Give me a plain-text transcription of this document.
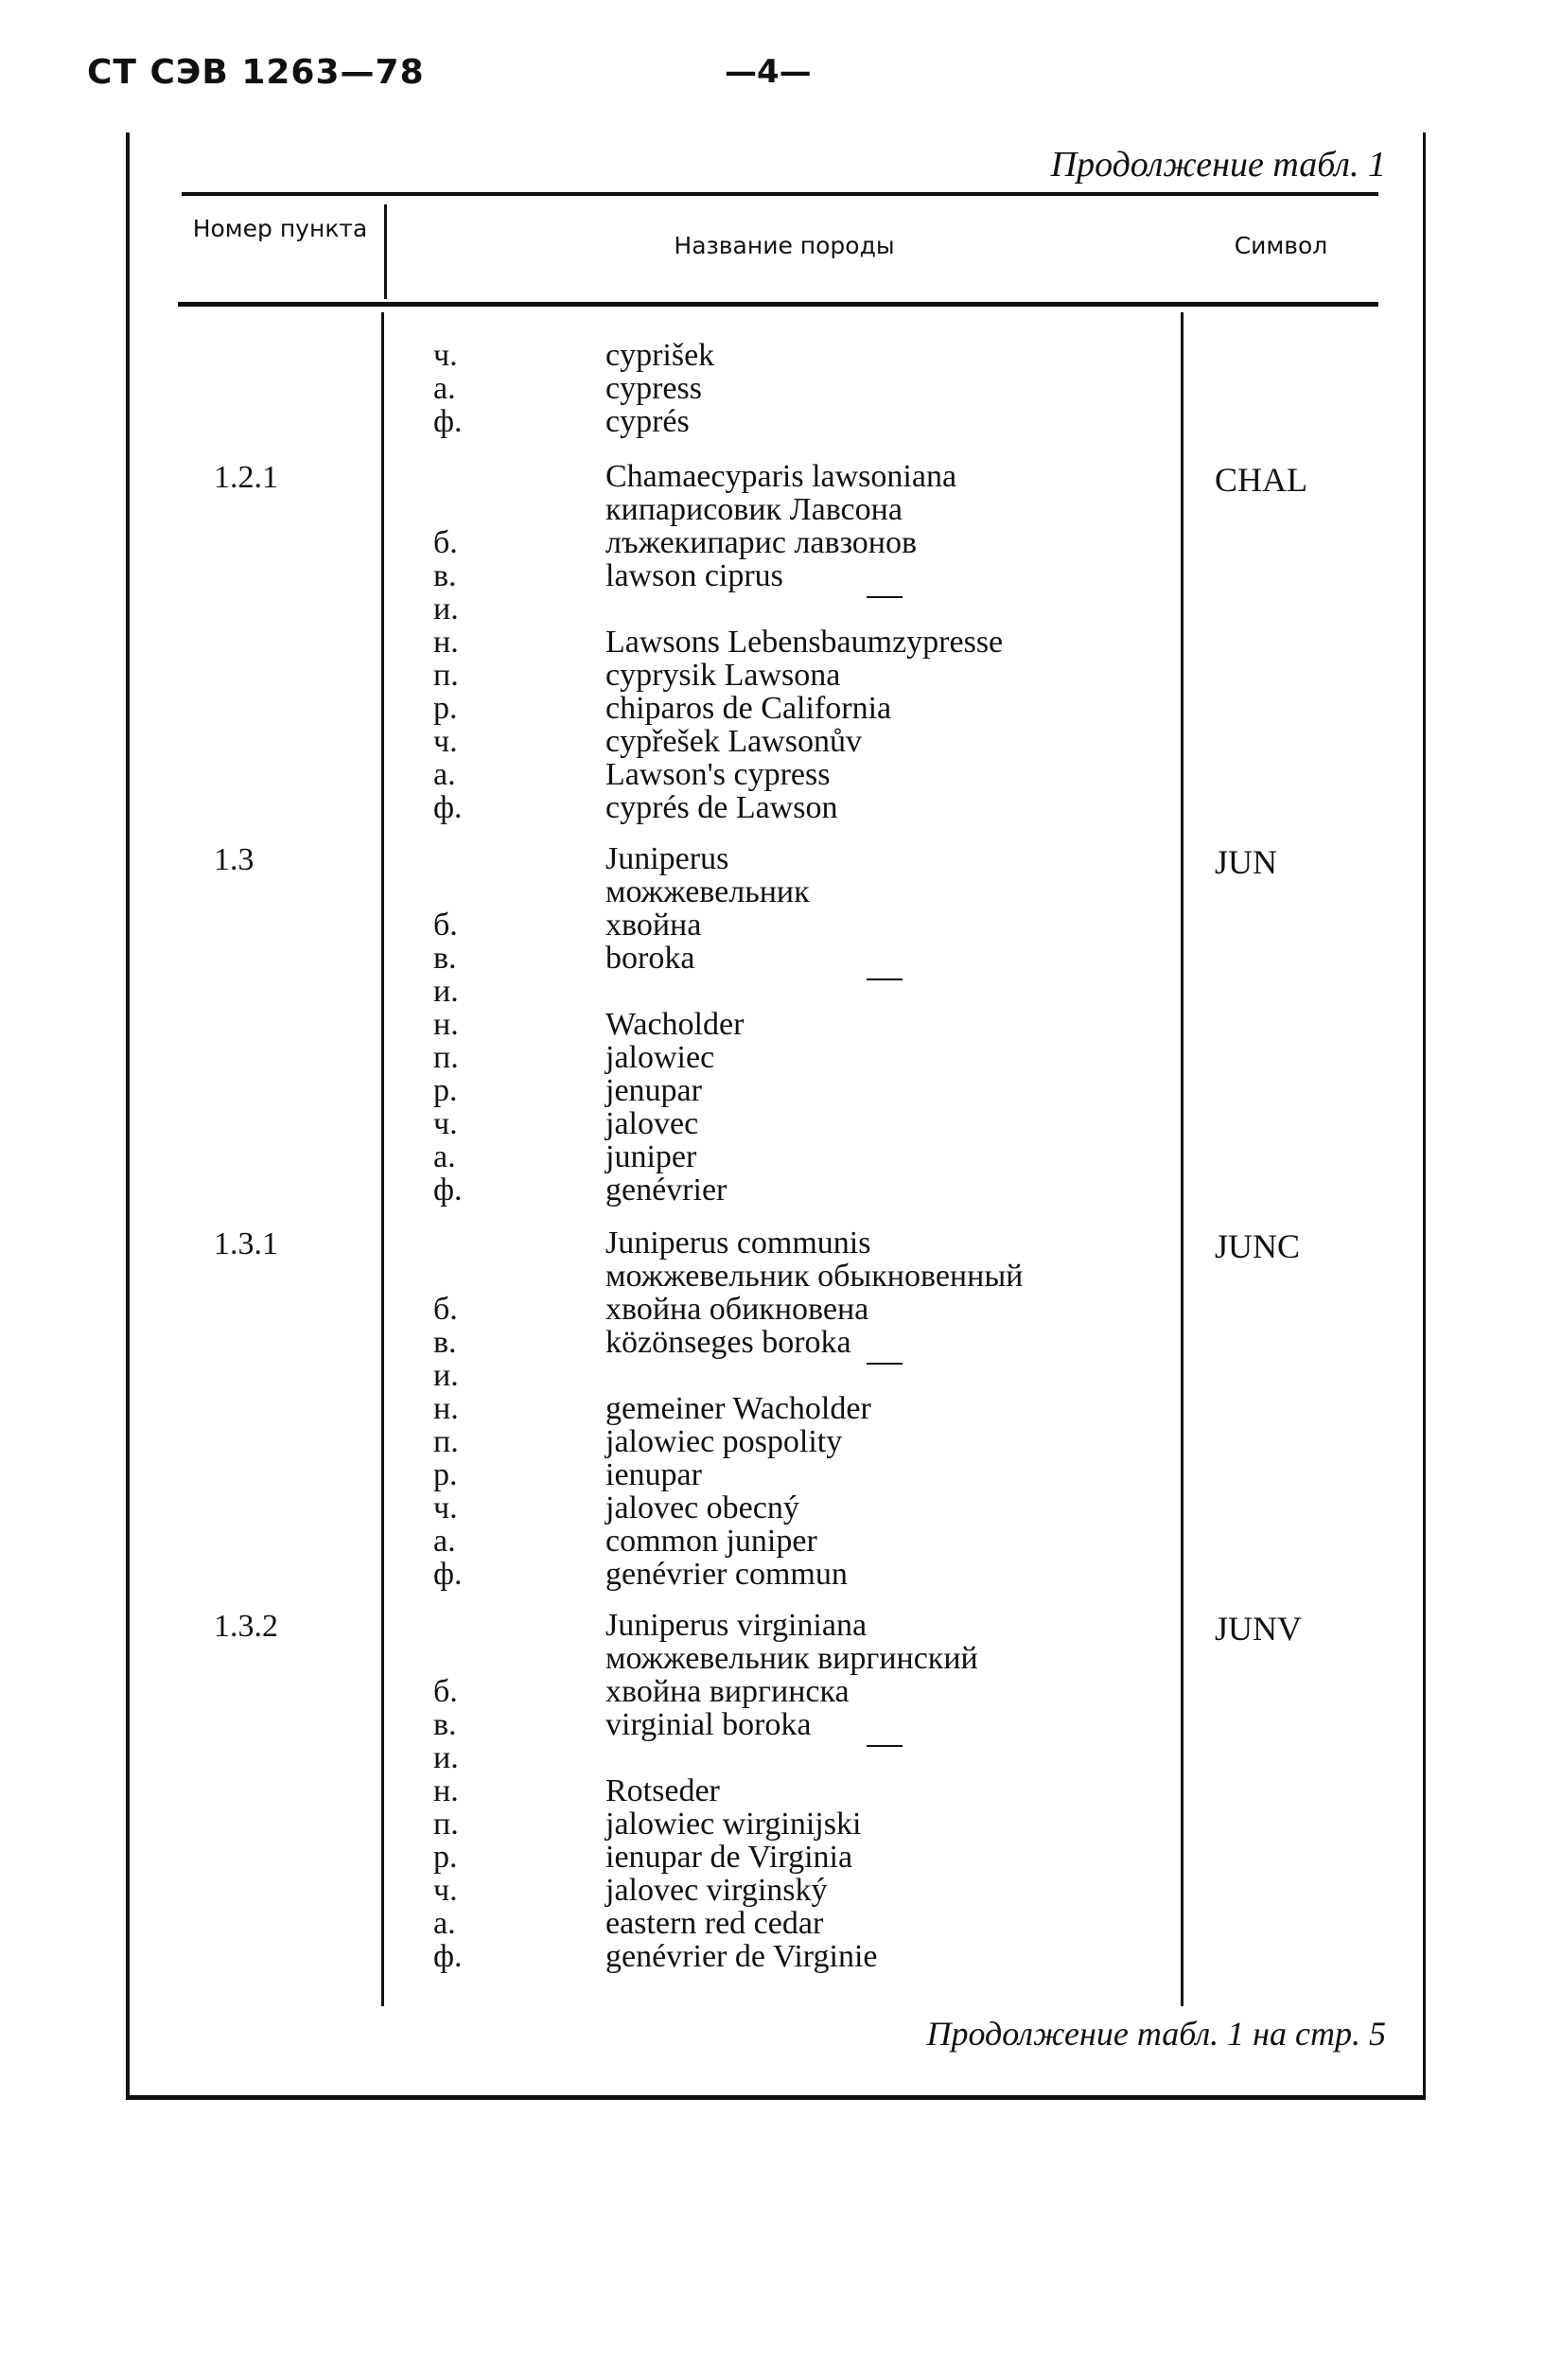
СТ СЭВ 1263—78	—4—
Продолжение табл. 1
Номер пункта
Название породы	Символ
ч.	cyprišek
а.	cypress
ф.	cyprés
1.2.1	CHAL
Chamaecyparis lawsoniana
кипарисовик Лавсона
б.	лъжекипарис лавзонов
в.	lawson ciprus
и.
н.	Lawsons Lebensbaumzypresse
п.	cyprysik Lawsona
р.	chiparos de California
ч.	cypřešek Lawsonův
а.	Lawson's cypress
ф.	cyprés de Lawson
1.3	JUN
Juniperus
можжевельник
б.	хвойна
в.	boroka
и.
н.	Wacholder
п.	jalowiec
р.	jenupar
ч.	jalovec
а.	juniper
ф.	genévrier
1.3.1	JUNC
Juniperus communis
можжевельник обыкновенный
б.	хвойна обикновена
в.	közönseges boroka
и.
н.	gemeiner Wacholder
п.	jalowiec pospolity
р.	ienupar
ч.	jalovec obecný
а.	common juniper
ф.	genévrier commun
1.3.2	JUNV
Juniperus virginiana
можжевельник виргинский
б.	хвойна виргинска
в.	virginial boroka
и.
н.	Rotseder
п.	jalowiec wirginijski
р.	ienupar de Virginia
ч.	jalovec virginský
а.	eastern red cedar
ф.	genévrier de Virginie
Продолжение табл. 1 на стр. 5
